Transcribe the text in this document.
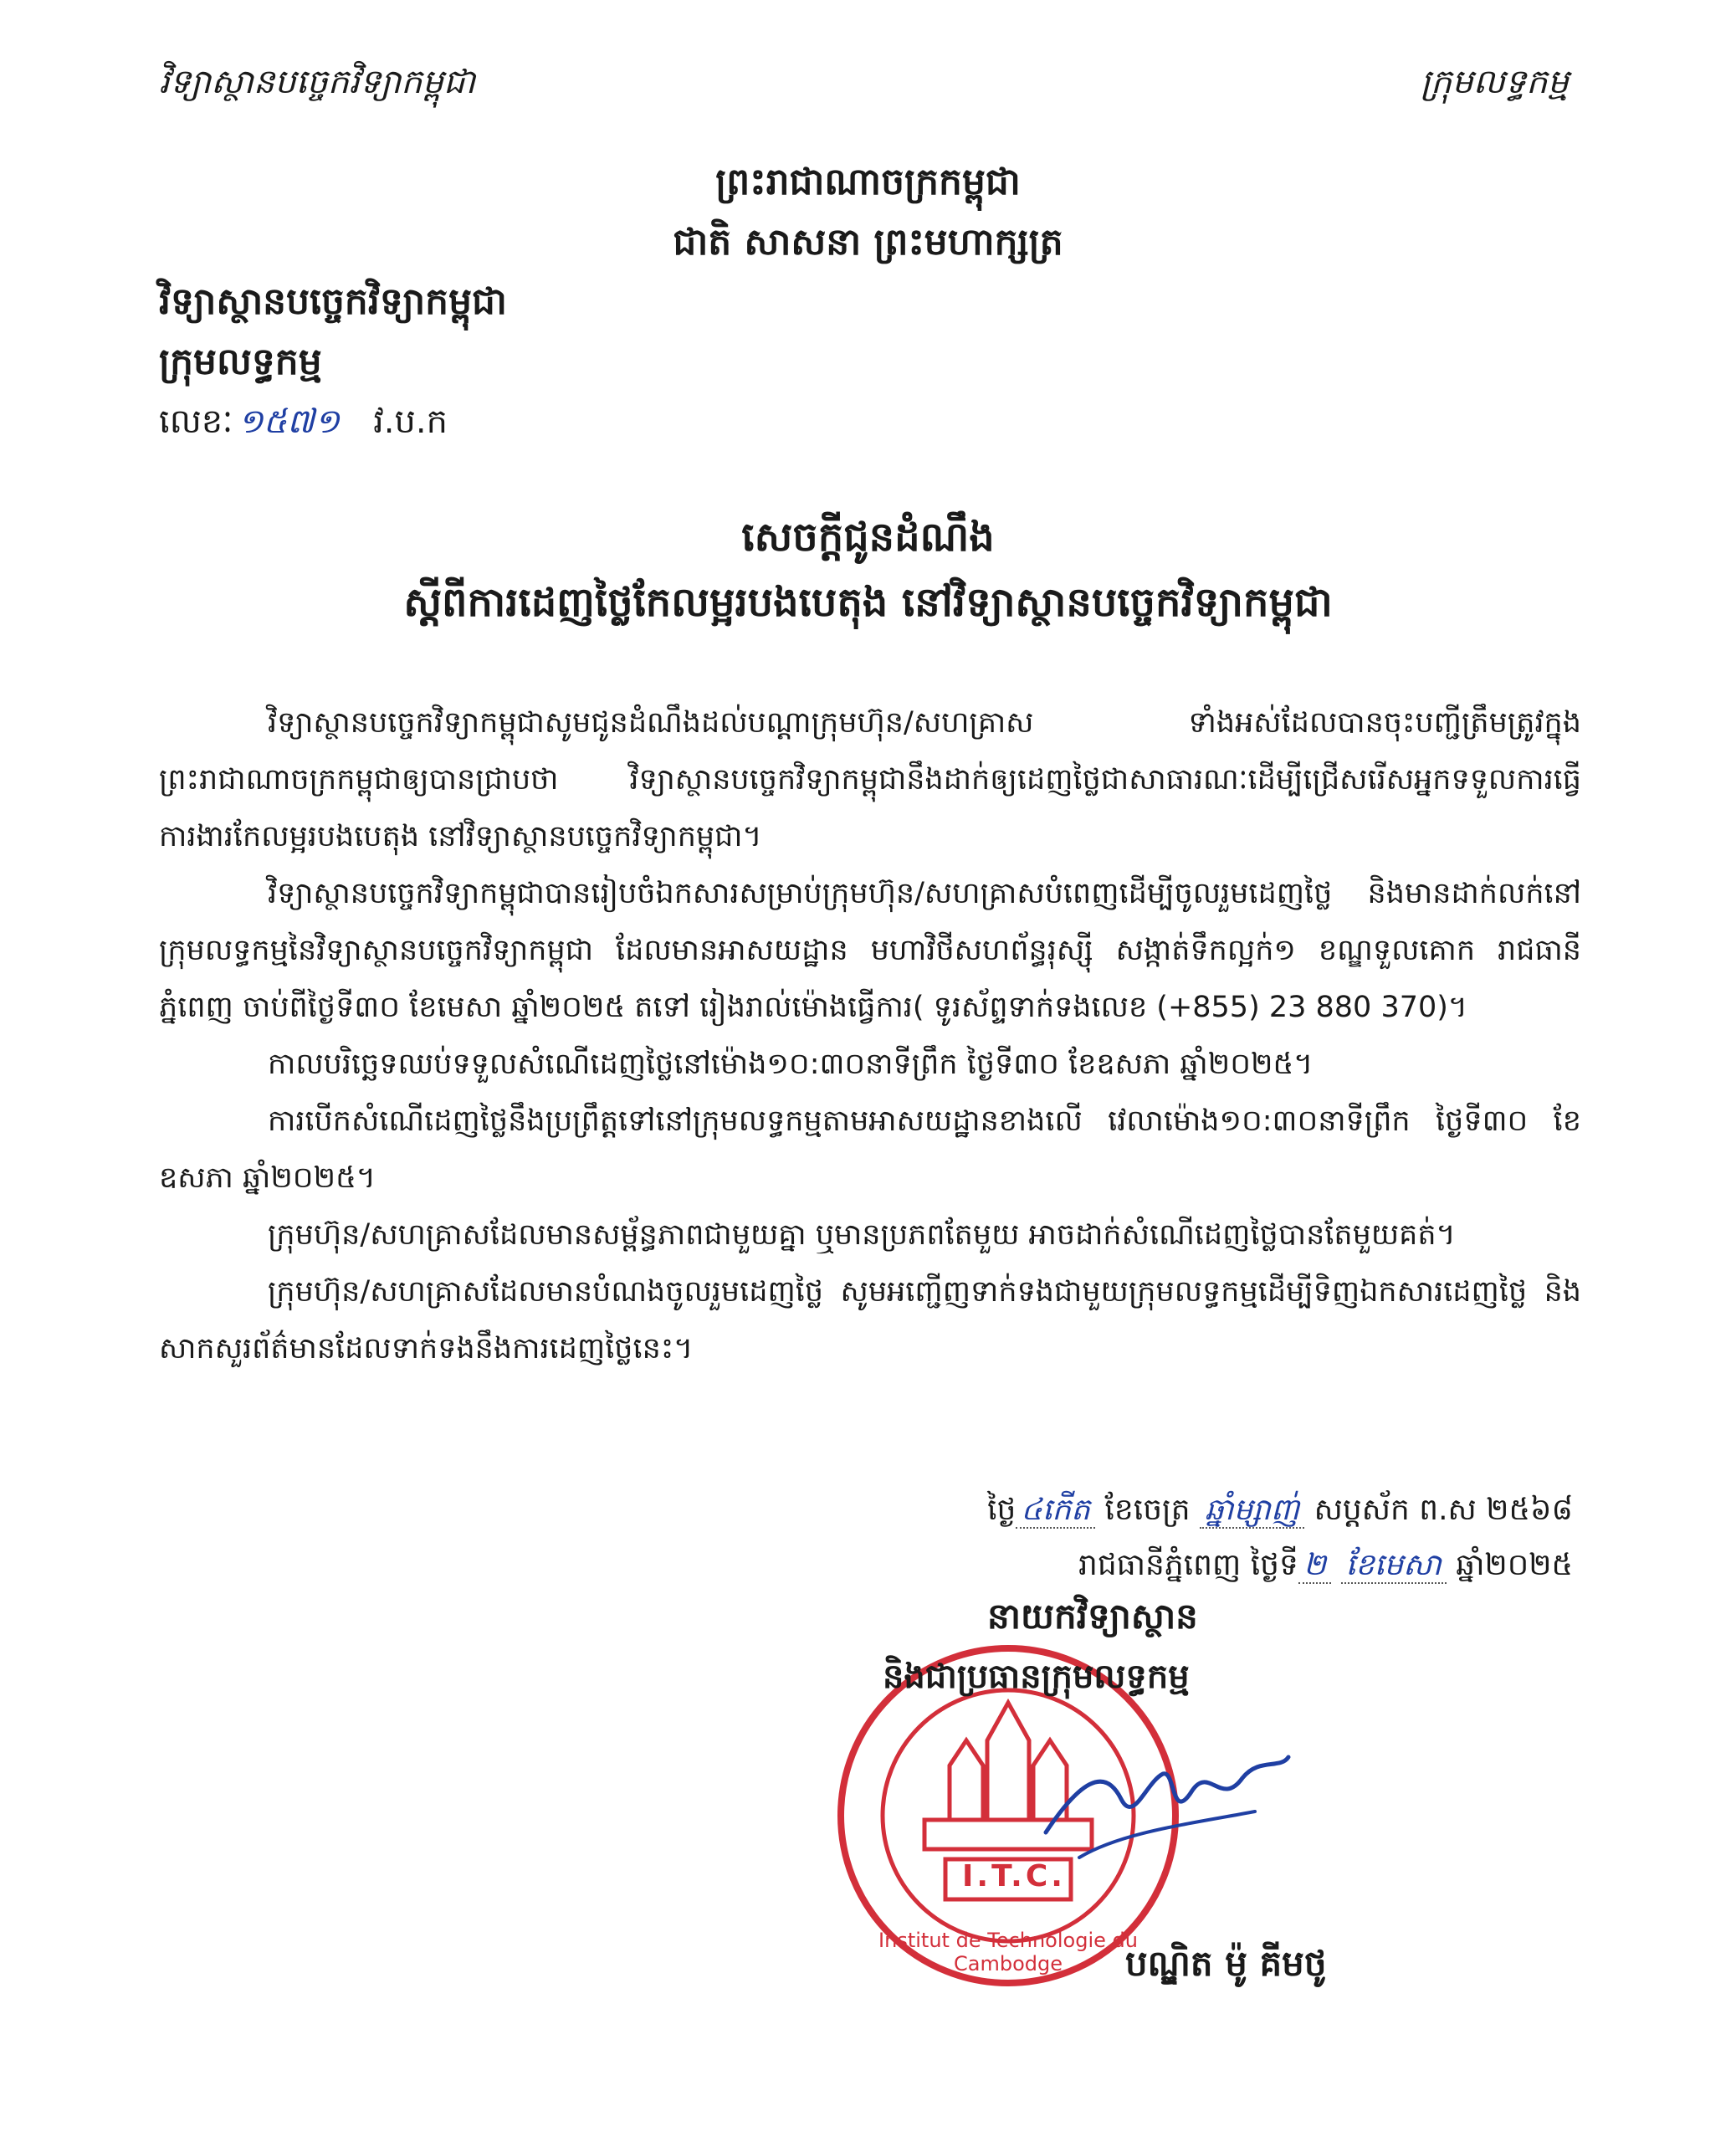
វិទ្យាស្ថានបច្ចេកវិទ្យាកម្ពុជា	ក្រុមលទ្ធកម្ម
ព្រះរាជាណាចក្រកម្ពុជា
ជាតិ សាសនា ព្រះមហាក្សត្រ
វិទ្យាស្ថានបច្ចេកវិទ្យាកម្ពុជា
ក្រុមលទ្ធកម្ម
លេខៈ ១៥៧១ វ.ប.ក
សេចក្តីជូនដំណឹង
ស្តីពីការដេញថ្លៃកែលម្អរបងបេតុង នៅវិទ្យាស្ថានបច្ចេកវិទ្យាកម្ពុជា

វិទ្យាស្ថានបច្ចេកវិទ្យាកម្ពុជាសូមជូនដំណឹងដល់បណ្តាក្រុមហ៊ុន/សហគ្រាស ទាំងអស់ដែលបានចុះបញ្ជីត្រឹមត្រូវក្នុងព្រះរាជាណាចក្រកម្ពុជាឲ្យបានជ្រាបថា វិទ្យាស្ថានបច្ចេកវិទ្យាកម្ពុជានឹងដាក់ឲ្យដេញថ្លៃជាសាធារណៈដើម្បីជ្រើសរើសអ្នកទទួលការធ្វើការងារកែលម្អរបងបេតុង នៅវិទ្យាស្ថានបច្ចេកវិទ្យាកម្ពុជា។

វិទ្យាស្ថានបច្ចេកវិទ្យាកម្ពុជាបានរៀបចំឯកសារសម្រាប់ក្រុមហ៊ុន/សហគ្រាសបំពេញដើម្បីចូលរួមដេញថ្លៃ និងមានដាក់លក់នៅក្រុមលទ្ធកម្មនៃវិទ្យាស្ថានបច្ចេកវិទ្យាកម្ពុជា ដែលមានអាសយដ្ឋាន មហាវិថីសហព័ន្ធរុស្ស៊ី សង្កាត់ទឹកល្អក់១ ខណ្ឌទួលគោក រាជធានីភ្នំពេញ ចាប់ពីថ្ងៃទី៣០ ខែមេសា ឆ្នាំ២០២៥ តទៅ រៀងរាល់ម៉ោងធ្វើការ( ទូរស័ព្ទទាក់ទងលេខ (+855) 23 880 370)។

កាលបរិច្ឆេទឈប់ទទួលសំណើដេញថ្លៃនៅម៉ោង១០:៣០នាទីព្រឹក ថ្ងៃទី៣០ ខែឧសភា ឆ្នាំ២០២៥។

ការបើកសំណើដេញថ្លៃនឹងប្រព្រឹត្តទៅនៅក្រុមលទ្ធកម្មតាមអាសយដ្ឋានខាងលើ វេលាម៉ោង១០:៣០នាទីព្រឹក ថ្ងៃទី៣០ ខែឧសភា ឆ្នាំ២០២៥។

ក្រុមហ៊ុន/សហគ្រាសដែលមានសម្ព័ន្ធភាពជាមួយគ្នា ឬមានប្រភពតែមួយ អាចដាក់សំណើដេញថ្លៃបានតែមួយគត់។

ក្រុមហ៊ុន/សហគ្រាសដែលមានបំណងចូលរួមដេញថ្លៃ សូមអញ្ជើញទាក់ទងជាមួយក្រុមលទ្ធកម្មដើម្បីទិញឯកសារដេញថ្លៃ និងសាកសួរព័ត៌មានដែលទាក់ទងនឹងការដេញថ្លៃនេះ។

ថ្ងៃ ៤កើត ខែចេត្រ ឆ្នាំម្សាញ់ សប្តស័ក ព.ស ២៥៦៨
រាជធានីភ្នំពេញ ថ្ងៃទី ២ ខែមេសា ឆ្នាំ២០២៥
I.T.C.
Institut de Technologie du Cambodge
នាយកវិទ្យាស្ថាន
និងជាប្រធានក្រុមលទ្ធកម្ម
បណ្ឌិត ម៉ូ គីមថូ
